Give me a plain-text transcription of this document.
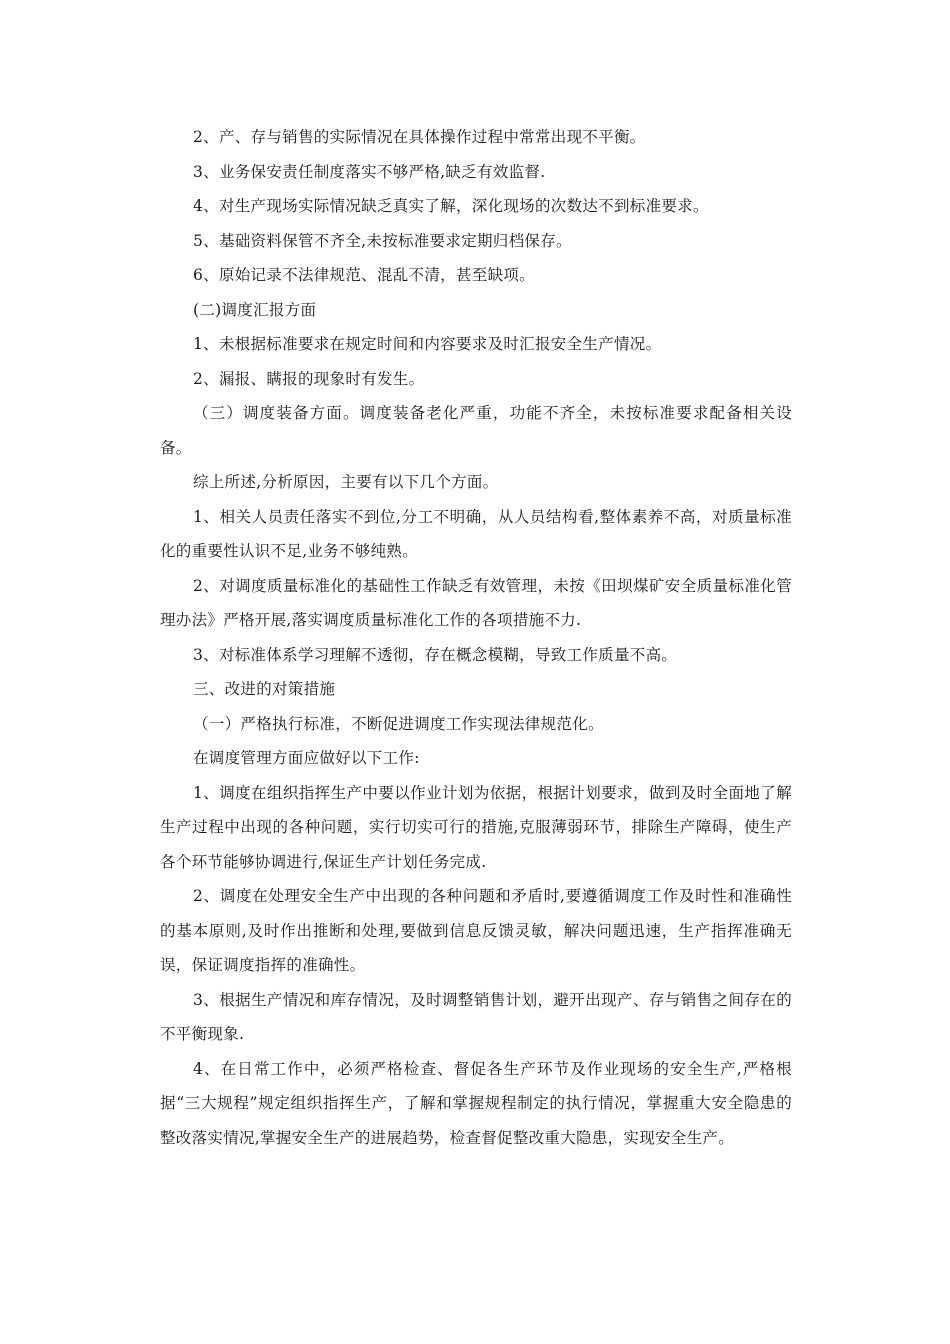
2、产、存与销售的实际情况在具体操作过程中常常出现不平衡。

3、业务保安责任制度落实不够严格,缺乏有效监督.

4、对生产现场实际情况缺乏真实了解，深化现场的次数达不到标准要求。

5、基础资料保管不齐全,未按标准要求定期归档保存。

6、原始记录不法律规范、混乱不清，甚至缺项。

(二)调度汇报方面

1、未根据标准要求在规定时间和内容要求及时汇报安全生产情况。

2、漏报、瞒报的现象时有发生。

（三）调度装备方面。调度装备老化严重，功能不齐全，未按标准要求配备相关设备。

综上所述,分析原因，主要有以下几个方面。

1、相关人员责任落实不到位,分工不明确，从人员结构看,整体素养不高，对质量标准化的重要性认识不足,业务不够纯熟。

2、对调度质量标准化的基础性工作缺乏有效管理，未按《田坝煤矿安全质量标准化管理办法》严格开展,落实调度质量标准化工作的各项措施不力.

3、对标准体系学习理解不透彻，存在概念模糊，导致工作质量不高。

三、改进的对策措施

（一）严格执行标准，不断促进调度工作实现法律规范化。

在调度管理方面应做好以下工作:

1、调度在组织指挥生产中要以作业计划为依据，根据计划要求，做到及时全面地了解生产过程中出现的各种问题，实行切实可行的措施,克服薄弱环节，排除生产障碍，使生产各个环节能够协调进行,保证生产计划任务完成.

2、调度在处理安全生产中出现的各种问题和矛盾时,要遵循调度工作及时性和准确性的基本原则,及时作出推断和处理,要做到信息反馈灵敏，解决问题迅速，生产指挥准确无误，保证调度指挥的准确性。

3、根据生产情况和库存情况，及时调整销售计划，避开出现产、存与销售之间存在的不平衡现象.

4、在日常工作中，必须严格检查、督促各生产环节及作业现场的安全生产,严格根据“三大规程”规定组织指挥生产，了解和掌握规程制定的执行情况，掌握重大安全隐患的整改落实情况,掌握安全生产的进展趋势，检查督促整改重大隐患，实现安全生产。
